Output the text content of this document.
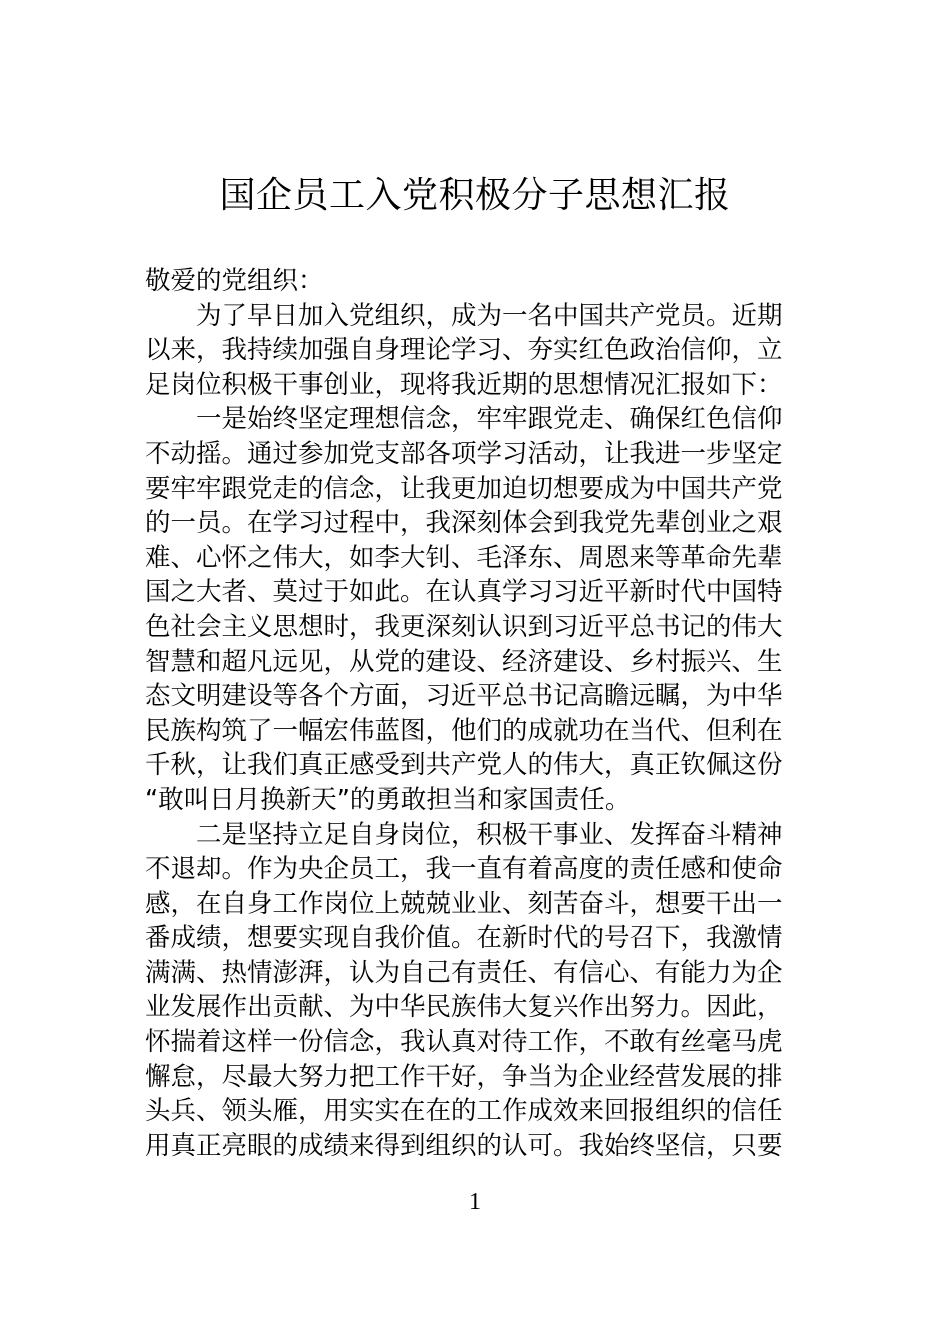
国企员工入党积极分子思想汇报
敬爱的党组织：
为了早日加入党组织，成为一名中国共产党员。近期
以来，我持续加强自身理论学习、夯实红色政治信仰，立
足岗位积极干事创业，现将我近期的思想情况汇报如下：
一是始终坚定理想信念，牢牢跟党走、确保红色信仰
不动摇。通过参加党支部各项学习活动，让我进一步坚定
要牢牢跟党走的信念，让我更加迫切想要成为中国共产党
的一员。在学习过程中，我深刻体会到我党先辈创业之艰
难、心怀之伟大，如李大钊、毛泽东、周恩来等革命先辈
国之大者、莫过于如此。在认真学习习近平新时代中国特
色社会主义思想时，我更深刻认识到习近平总书记的伟大
智慧和超凡远见，从党的建设、经济建设、乡村振兴、生
态文明建设等各个方面，习近平总书记高瞻远瞩，为中华
民族构筑了一幅宏伟蓝图，他们的成就功在当代、但利在
千秋，让我们真正感受到共产党人的伟大，真正钦佩这份
“敢叫日月换新天”的勇敢担当和家国责任。
二是坚持立足自身岗位，积极干事业、发挥奋斗精神
不退却。作为央企员工，我一直有着高度的责任感和使命
感，在自身工作岗位上兢兢业业、刻苦奋斗，想要干出一
番成绩，想要实现自我价值。在新时代的号召下，我激情
满满、热情澎湃，认为自己有责任、有信心、有能力为企
业发展作出贡献、为中华民族伟大复兴作出努力。因此，
怀揣着这样一份信念，我认真对待工作，不敢有丝毫马虎
懈怠，尽最大努力把工作干好，争当为企业经营发展的排
头兵、领头雁，用实实在在的工作成效来回报组织的信任
用真正亮眼的成绩来得到组织的认可。我始终坚信，只要
1
